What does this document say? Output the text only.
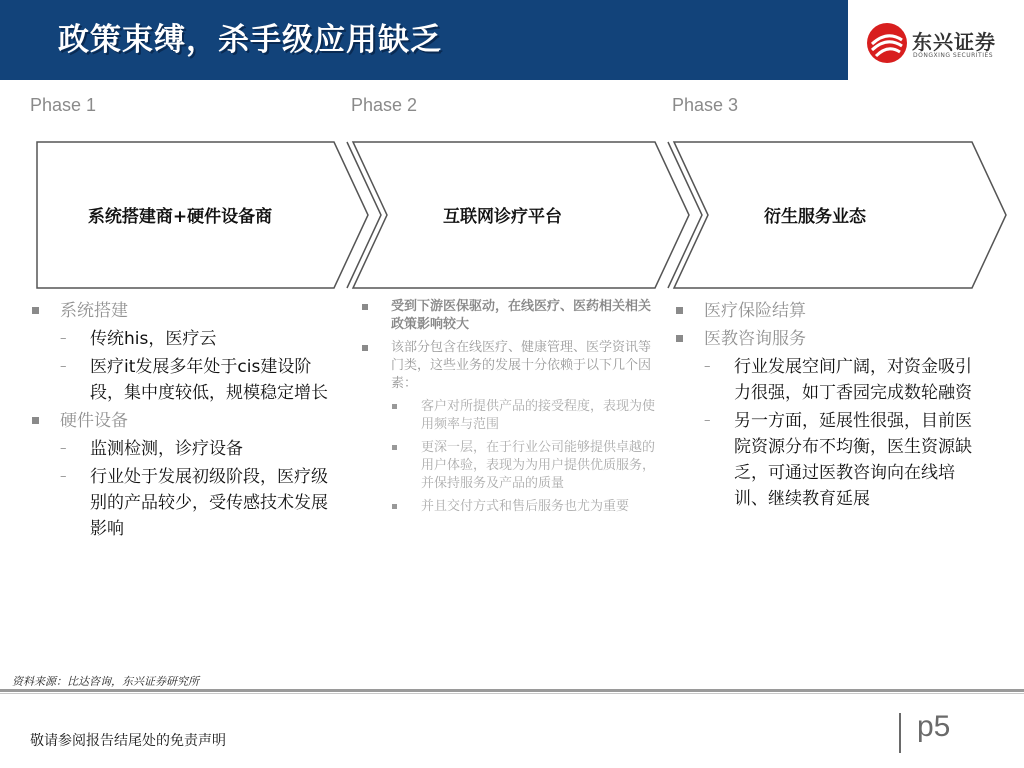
政策束缚，杀手级应用缺乏	东兴证券
DONGXING SECURITIES
Phase 1	Phase 2	Phase 3
系统搭建商+硬件设备商	互联网诊疗平台	衍生服务业态
系统搭建
– 传统his，医疗云
– 医疗it发展多年处于cis建设阶段，集中度较低，规模稳定增长
硬件设备
– 监测检测，诊疗设备
– 行业处于发展初级阶段，医疗级别的产品较少，受传感技术发展影响
受到下游医保驱动，在线医疗、医药相关相关政策影响较大
该部分包含在线医疗、健康管理、医学资讯等门类，这些业务的发展十分依赖于以下几个因素：
客户对所提供产品的接受程度，表现为使用频率与范围
更深一层，在于行业公司能够提供卓越的用户体验，表现为为用户提供优质服务，并保持服务及产品的质量
并且交付方式和售后服务也尤为重要
医疗保险结算
医教咨询服务
– 行业发展空间广阔，对资金吸引力很强，如丁香园完成数轮融资
– 另一方面，延展性很强，目前医院资源分布不均衡，医生资源缺乏，可通过医教咨询向在线培训、继续教育延展
资料来源：比达咨询，东兴证券研究所
敬请参阅报告结尾处的免责声明	p5
